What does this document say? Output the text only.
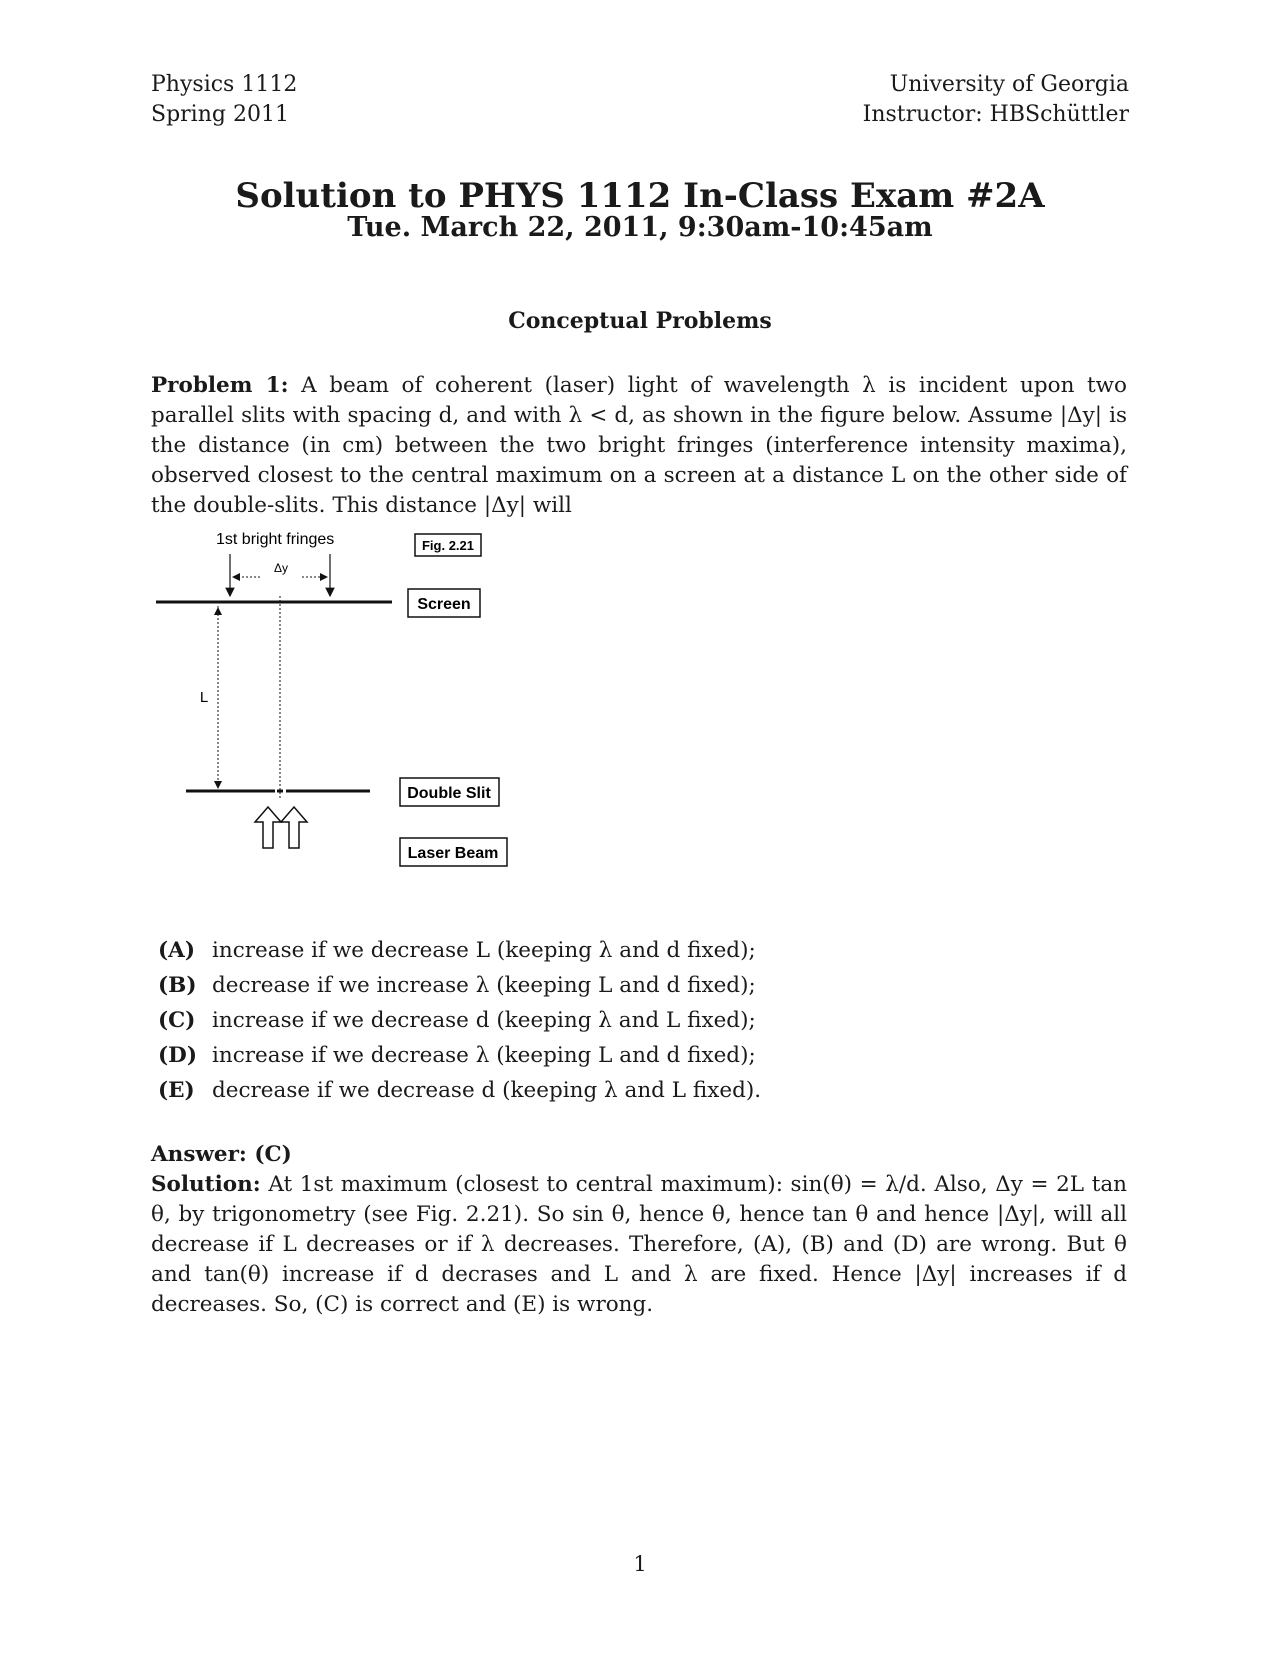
Physics 1112
Spring 2011
University of Georgia
Instructor: HBSchüttler
Solution to PHYS 1112 In-Class Exam #2A
Tue. March 22, 2011, 9:30am-10:45am
Conceptual Problems
Problem 1: A beam of coherent (laser) light of wavelength λ is incident upon two parallel slits with spacing d, and with λ < d, as shown in the figure below. Assume |Δy| is the distance (in cm) between the two bright fringes (interference intensity maxima), observed closest to the central maximum on a screen at a distance L on the other side of the double-slits. This distance |Δy| will
1st bright fringes	Fig. 2.21
Δy
Screen
L
Double Slit
Laser Beam
(A) increase if we decrease L (keeping λ and d fixed);
(B) decrease if we increase λ (keeping L and d fixed);
(C) increase if we decrease d (keeping λ and L fixed);
(D) increase if we decrease λ (keeping L and d fixed);
(E) decrease if we decrease d (keeping λ and L fixed).
Answer: (C)
Solution: At 1st maximum (closest to central maximum): sin(θ) = λ/d. Also, Δy = 2L tan θ, by trigonometry (see Fig. 2.21). So sin θ, hence θ, hence tan θ and hence |Δy|, will all decrease if L decreases or if λ decreases. Therefore, (A), (B) and (D) are wrong. But θ and tan(θ) increase if d decrases and L and λ are fixed. Hence |Δy| increases if d decreases. So, (C) is correct and (E) is wrong.
1
